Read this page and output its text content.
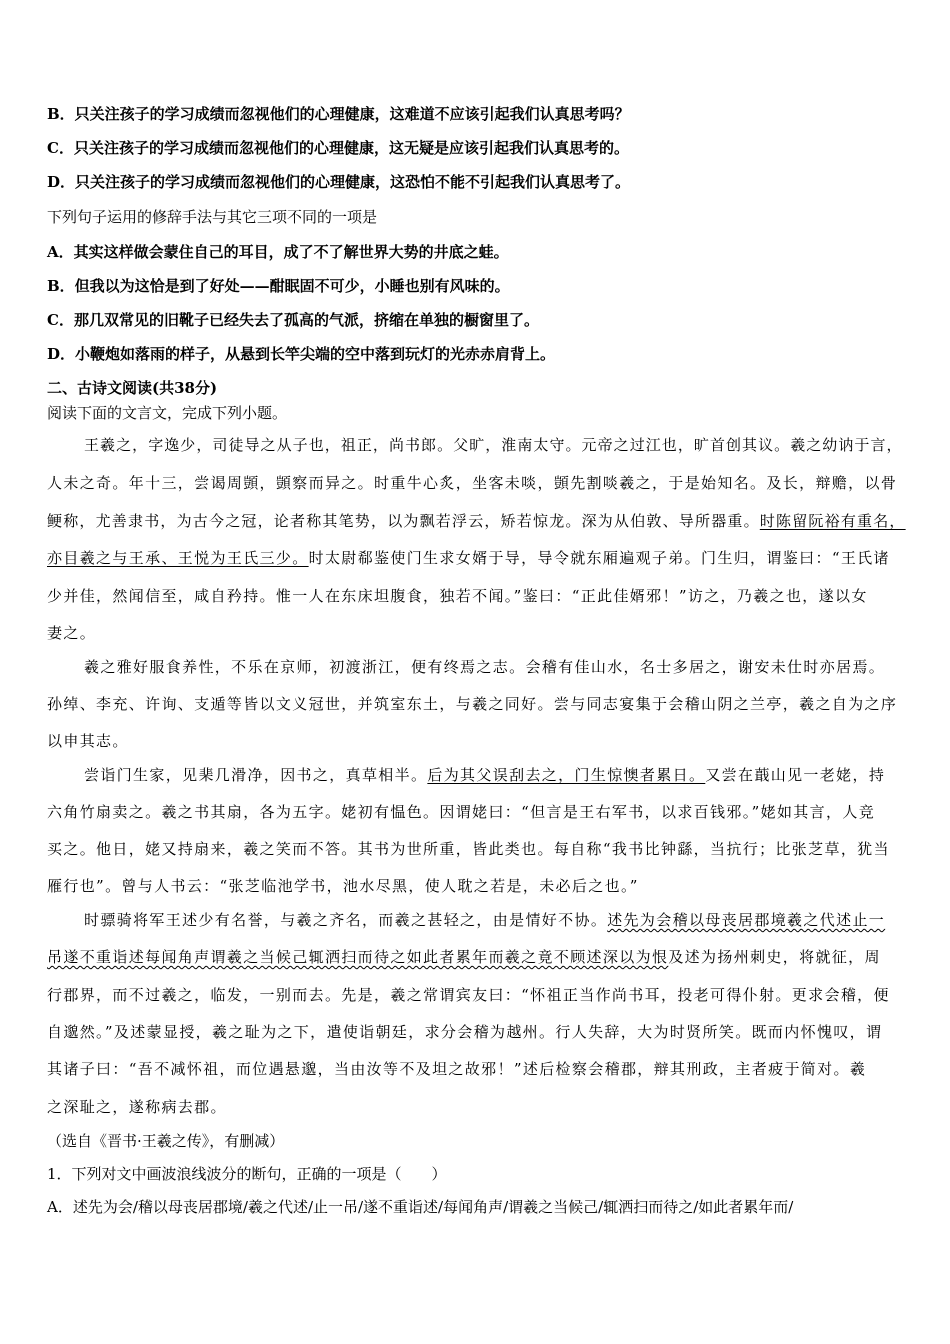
B．只关注孩子的学习成绩而忽视他们的心理健康，这难道不应该引起我们认真思考吗？
C．只关注孩子的学习成绩而忽视他们的心理健康，这无疑是应该引起我们认真思考的。
D．只关注孩子的学习成绩而忽视他们的心理健康，这恐怕不能不引起我们认真思考了。
下列句子运用的修辞手法与其它三项不同的一项是
A．其实这样做会蒙住自己的耳目，成了不了解世界大势的井底之蛙。
B．但我以为这恰是到了好处——酣眠固不可少，小睡也别有风味的。
C．那几双常见的旧靴子已经失去了孤高的气派，挤缩在单独的橱窗里了。
D．小鞭炮如落雨的样子，从悬到长竿尖端的空中落到玩灯的光赤赤肩背上。
二、古诗文阅读(共38分)
阅读下面的文言文，完成下列小题。
王羲之，字逸少，司徒导之从子也，祖正，尚书郎。父旷，淮南太守。元帝之过江也，旷首创其议。羲之幼讷于言，
人未之奇。年十三，尝谒周顗，顗察而异之。时重牛心炙，坐客未啖，顗先割啖羲之，于是始知名。及长，辩赡，以骨
鲠称，尤善隶书，为古今之冠，论者称其笔势，以为飘若浮云，矫若惊龙。深为从伯敦、导所器重。时陈留阮裕有重名，
亦目羲之与王承、王悦为王氏三少。时太尉郗鉴使门生求女婿于导，导令就东厢遍观子弟。门生归，谓鉴曰：“王氏诸
少并佳，然闻信至，咸自矜持。惟一人在东床坦腹食，独若不闻。”鉴曰：“正此佳婿邪！”访之，乃羲之也，遂以女
妻之。
羲之雅好服食养性，不乐在京师，初渡浙江，便有终焉之志。会稽有佳山水，名士多居之，谢安未仕时亦居焉。
孙绰、李充、许询、支遁等皆以文义冠世，并筑室东土，与羲之同好。尝与同志宴集于会稽山阴之兰亭，羲之自为之序
以申其志。
尝诣门生家，见棐几滑净，因书之，真草相半。后为其父误刮去之，门生惊懊者累日。又尝在蕺山见一老姥，持
六角竹扇卖之。羲之书其扇，各为五字。姥初有愠色。因谓姥曰：“但言是王右军书，以求百钱邪。”姥如其言，人竞
买之。他日，姥又持扇来，羲之笑而不答。其书为世所重，皆此类也。每自称“我书比钟繇，当抗行；比张芝草，犹当
雁行也”。曾与人书云：“张芝临池学书，池水尽黑，使人耽之若是，未必后之也。”
时骠骑将军王述少有名誉，与羲之齐名，而羲之甚轻之，由是情好不协。述先为会稽以母丧居郡境羲之代述止一
吊遂不重诣述每闻角声谓羲之当候己辄洒扫而待之如此者累年而羲之竟不顾述深以为恨及述为扬州刺史，将就征，周
行郡界，而不过羲之，临发，一别而去。先是，羲之常谓宾友曰：“怀祖正当作尚书耳，投老可得仆射。更求会稽，便
自邈然。”及述蒙显授，羲之耻为之下，遣使诣朝廷，求分会稽为越州。行人失辞，大为时贤所笑。既而内怀愧叹，谓
其诸子曰：“吾不减怀祖，而位遇悬邈，当由汝等不及坦之故邪！”述后检察会稽郡，辩其刑政，主者疲于简对。羲
之深耻之，遂称病去郡。
（选自《晋书·王羲之传》，有删减）
1．下列对文中画波浪线波分的断句，正确的一项是（　　）
A．述先为会/稽以母丧居郡境/羲之代述/止一吊/遂不重诣述/每闻角声/谓羲之当候己/辄洒扫而待之/如此者累年而/
